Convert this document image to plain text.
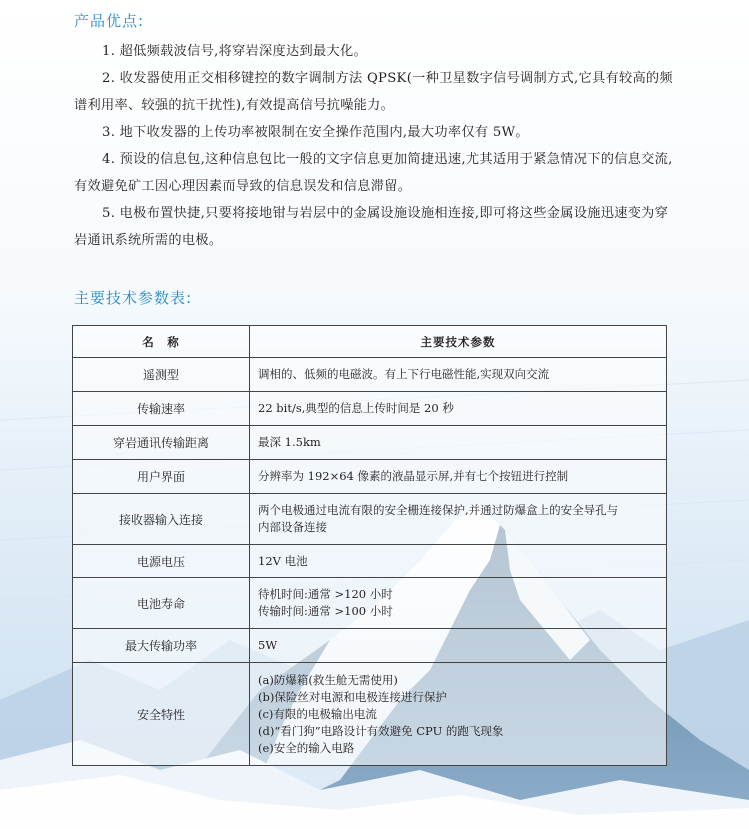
产品优点:

1. 超低频载波信号,将穿岩深度达到最大化。

2. 收发器使用正交相移键控的数字调制方法 QPSK(一种卫星数字信号调制方式,它具有较高的频谱利用率、较强的抗干扰性),有效提高信号抗噪能力。

3. 地下收发器的上传功率被限制在安全操作范围内,最大功率仅有 5W。

4. 预设的信息包,这种信息包比一般的文字信息更加简捷迅速,尤其适用于紧急情况下的信息交流,有效避免矿工因心理因素而导致的信息误发和信息滞留。

5. 电极布置快捷,只要将接地钳与岩层中的金属设施设施相连接,即可将这些金属设施迅速变为穿岩通讯系统所需的电极。

主要技术参数表:
名　称	主要技术参数
遥测型	调相的、低频的电磁波。有上下行电磁性能,实现双向交流

传输速率	22 bit/s,典型的信息上传时间是 20 秒

穿岩通讯传输距离	最深 1.5km

用户界面	分辨率为 192×64 像素的液晶显示屏,并有七个按钮进行控制

接收器输入连接	两个电极通过电流有限的安全栅连接保护,并通过防爆盒上的安全导孔与
内部设备连接

电源电压	12V 电池

电池寿命	待机时间:通常 >120 小时
传输时间:通常 >100 小时

最大传输功率	5W

安全特性	(a)防爆箱(救生舱无需使用)
(b)保险丝对电源和电极连接进行保护
(c)有限的电极输出电流
(d)“看门狗”电路设计有效避免 CPU 的跑飞现象
(e)安全的输入电路
